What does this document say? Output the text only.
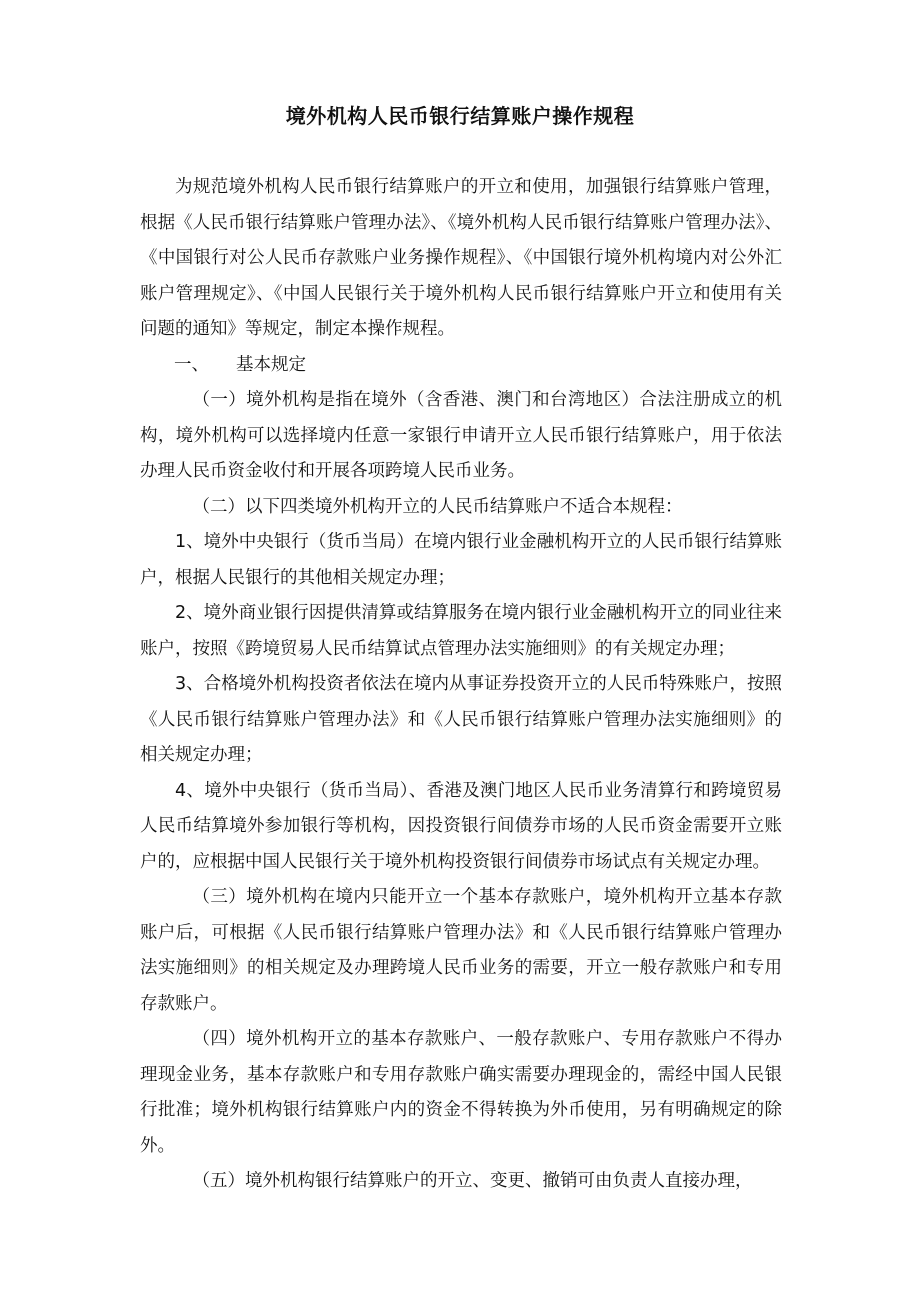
境外机构人民币银行结算账户操作规程

为规范境外机构人民币银行结算账户的开立和使用，加强银行结算账户管理，根据《人民币银行结算账户管理办法》、《境外机构人民币银行结算账户管理办法》、《中国银行对公人民币存款账户业务操作规程》、《中国银行境外机构境内对公外汇账户管理规定》、《中国人民银行关于境外机构人民币银行结算账户开立和使用有关问题的通知》等规定，制定本操作规程。

一、 基本规定

（一）境外机构是指在境外（含香港、澳门和台湾地区）合法注册成立的机构，境外机构可以选择境内任意一家银行申请开立人民币银行结算账户，用于依法办理人民币资金收付和开展各项跨境人民币业务。

（二）以下四类境外机构开立的人民币结算账户不适合本规程：

1、境外中央银行（货币当局）在境内银行业金融机构开立的人民币银行结算账户，根据人民银行的其他相关规定办理；

2、境外商业银行因提供清算或结算服务在境内银行业金融机构开立的同业往来账户，按照《跨境贸易人民币结算试点管理办法实施细则》的有关规定办理；

3、合格境外机构投资者依法在境内从事证券投资开立的人民币特殊账户，按照《人民币银行结算账户管理办法》和《人民币银行结算账户管理办法实施细则》的相关规定办理；

4、境外中央银行（货币当局）、香港及澳门地区人民币业务清算行和跨境贸易人民币结算境外参加银行等机构，因投资银行间债券市场的人民币资金需要开立账户的，应根据中国人民银行关于境外机构投资银行间债券市场试点有关规定办理。

（三）境外机构在境内只能开立一个基本存款账户，境外机构开立基本存款账户后，可根据《人民币银行结算账户管理办法》和《人民币银行结算账户管理办法实施细则》的相关规定及办理跨境人民币业务的需要，开立一般存款账户和专用存款账户。

（四）境外机构开立的基本存款账户、一般存款账户、专用存款账户不得办理现金业务，基本存款账户和专用存款账户确实需要办理现金的，需经中国人民银行批准；境外机构银行结算账户内的资金不得转换为外币使用，另有明确规定的除外。

（五）境外机构银行结算账户的开立、变更、撤销可由负责人直接办理，
